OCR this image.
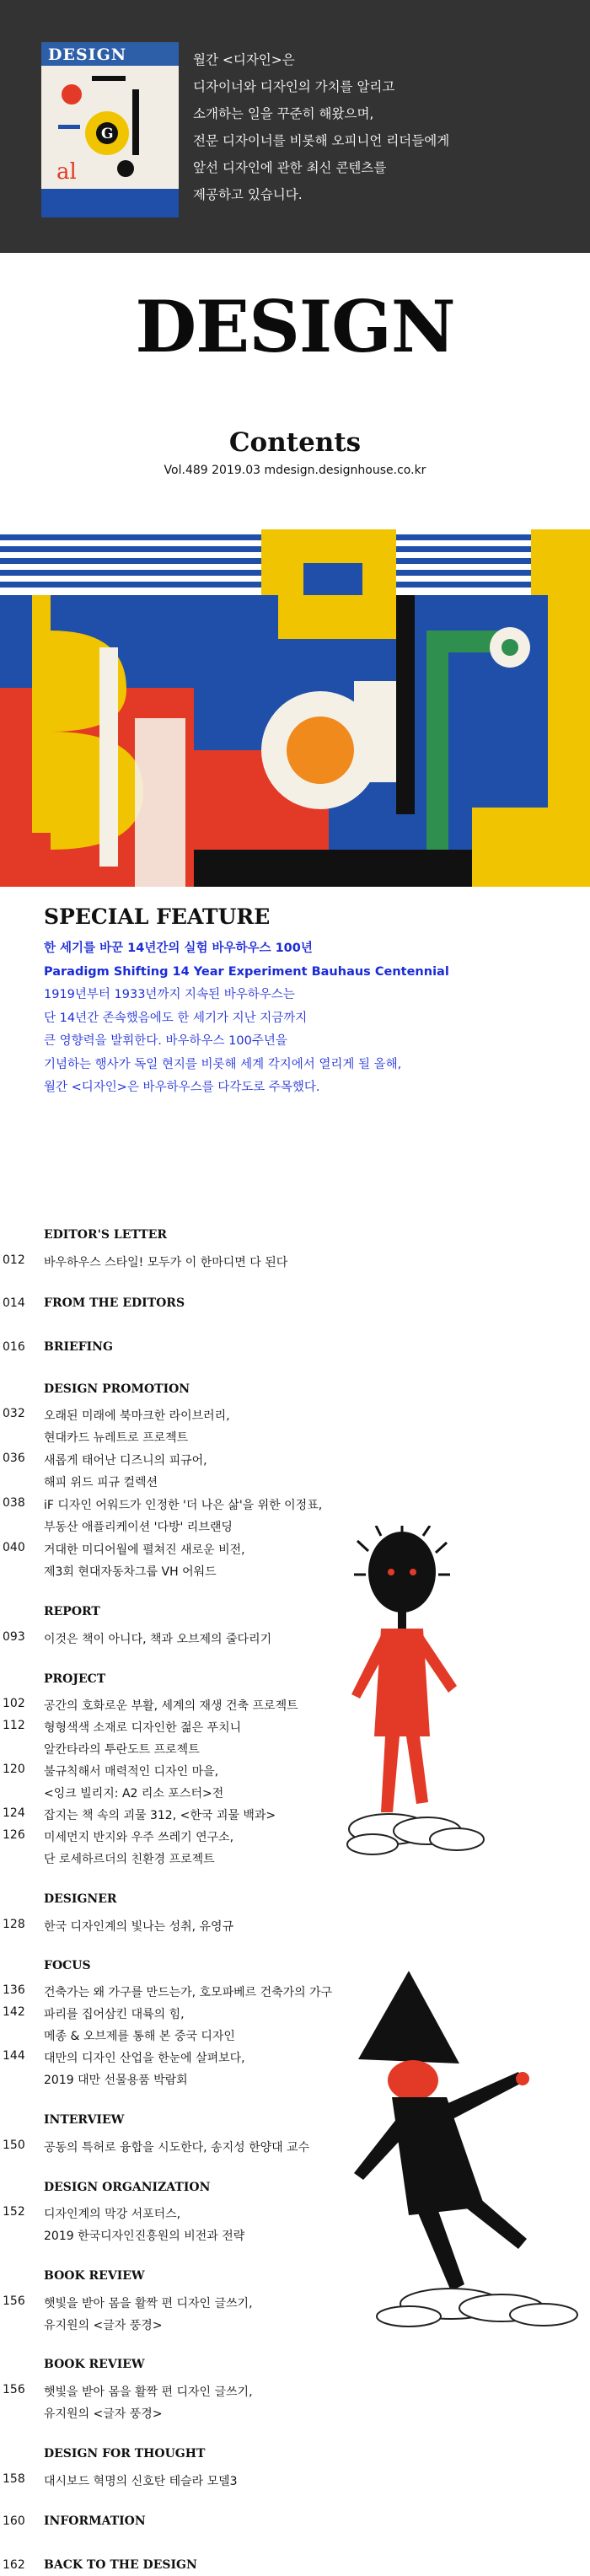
DESIGN
G
al
월간 <디자인>은
디자이너와 디자인의 가치를 알리고
소개하는 일을 꾸준히 해왔으며,
전문 디자이너를 비롯해 오피니언 리더들에게
앞선 디자인에 관한 최신 콘텐츠를
제공하고 있습니다.
DESIGN
Contents
Vol.489 2019.03 mdesign.designhouse.co.kr
SPECIAL FEATURE
한 세기를 바꾼 14년간의 실험 바우하우스 100년
Paradigm Shifting 14 Year Experiment Bauhaus Centennial
1919년부터 1933년까지 지속된 바우하우스는
단 14년간 존속했음에도 한 세기가 지난 지금까지
큰 영향력을 발휘한다. 바우하우스 100주년을
기념하는 행사가 독일 현지를 비롯해 세계 각지에서 열리게 될 올해,
월간 <디자인>은 바우하우스를 다각도로 주목했다.
EDITOR'S LETTER
012 바우하우스 스타일! 모두가 이 한마디면 다 된다
014 FROM THE EDITORS
016 BRIEFING
DESIGN PROMOTION
032 오래된 미래에 북마크한 라이브러리,
현대카드 뉴레트로 프로젝트
036 새롭게 태어난 디즈니의 피규어,
해피 위드 피규 컬렉션
038 iF 디자인 어워드가 인정한 '더 나은 삶'을 위한 이정표,
부동산 애플리케이션 '다방' 리브랜딩
040 거대한 미디어월에 펼쳐진 새로운 비전,
제3회 현대자동차그룹 VH 어워드
REPORT
093 이것은 책이 아니다, 책과 오브제의 줄다리기
PROJECT
102 공간의 호화로운 부활, 세계의 재생 건축 프로젝트
112 형형색색 소재로 디자인한 젊은 푸치니
알칸타라의 투란도트 프로젝트
120 불규칙해서 매력적인 디자인 마을,
<잉크 빌리지: A2 리소 포스터>전
124 잡지는 책 속의 괴물 312, <한국 괴물 백과>
126 미세먼지 반지와 우주 쓰레기 연구소,
단 로세하르더의 친환경 프로젝트
DESIGNER
128 한국 디자인계의 빛나는 성취, 유영규
FOCUS
136 건축가는 왜 가구를 만드는가, 호모파베르 건축가의 가구
142 파리를 집어삼킨 대륙의 힘,
메종 & 오브제를 통해 본 중국 디자인
144 대만의 디자인 산업을 한눈에 살펴보다,
2019 대만 선물용품 박람회
INTERVIEW
150 공동의 특허로 융합을 시도한다, 송지성 한양대 교수
DESIGN ORGANIZATION
152 디자인계의 막강 서포터스,
2019 한국디자인진흥원의 비전과 전략
BOOK REVIEW
156 햇빛을 받아 몸을 활짝 편 디자인 글쓰기,
유지원의 <글자 풍경>
BOOK REVIEW
156 햇빛을 받아 몸을 활짝 편 디자인 글쓰기,
유지원의 <글자 풍경>
DESIGN FOR THOUGHT
158 대시보드 혁명의 신호탄 테슬라 모델3
160 INFORMATION
162 BACK TO THE DESIGN
